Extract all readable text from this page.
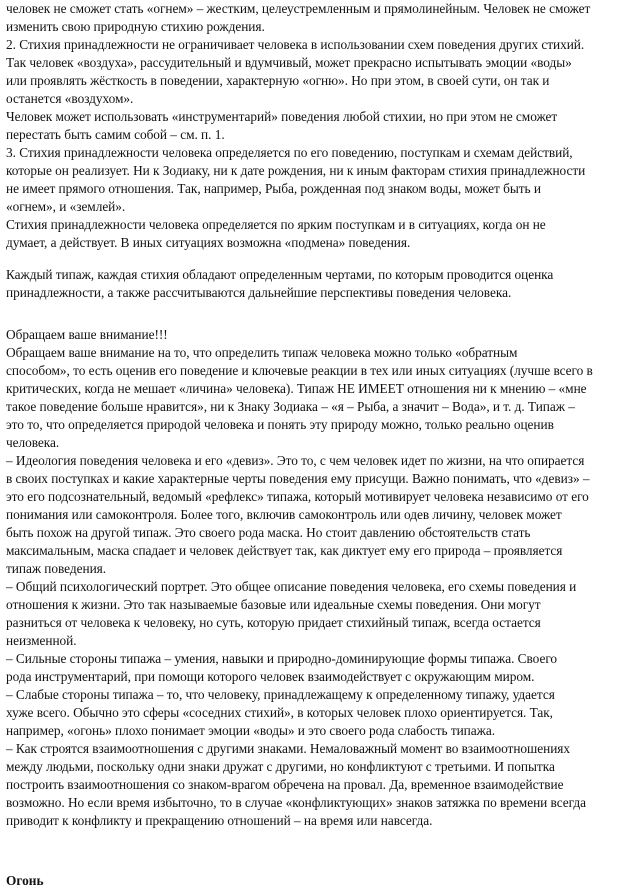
человек не сможет стать «огнем» – жестким, целеустремленным и прямолинейным. Человек не сможет
изменить свою природную стихию рождения.
2. Стихия принадлежности не ограничивает человека в использовании схем поведения других стихий.
Так человек «воздуха», рассудительный и вдумчивый, может прекрасно испытывать эмоции «воды»
или проявлять жёсткость в поведении, характерную «огню». Но при этом, в своей сути, он так и
останется «воздухом».
Человек может использовать «инструментарий» поведения любой стихии, но при этом не сможет
перестать быть самим собой – см. п. 1.
3. Стихия принадлежности человека определяется по его поведению, поступкам и схемам действий,
которые он реализует. Ни к Зодиаку, ни к дате рождения, ни к иным факторам стихия принадлежности
не имеет прямого отношения. Так, например, Рыба, рожденная под знаком воды, может быть и
«огнем», и «землей».
Стихия принадлежности человека определяется по ярким поступкам и в ситуациях, когда он не
думает, а действует. В иных ситуациях возможна «подмена» поведения.
Каждый типаж, каждая стихия обладают определенным чертами, по которым проводится оценка
принадлежности, а также рассчитываются дальнейшие перспективы поведения человека.
Обращаем ваше внимание!!!
Обращаем ваше внимание на то, что определить типаж человека можно только «обратным
способом», то есть оценив его поведение и ключевые реакции в тех или иных ситуациях (лучше всего в
критических, когда не мешает «личина» человека). Типаж НЕ ИМЕЕТ отношения ни к мнению – «мне
такое поведение больше нравится», ни к Знаку Зодиака – «я – Рыба, а значит – Вода», и т. д. Типаж –
это то, что определяется природой человека и понять эту природу можно, только реально оценив
человека.
– Идеология поведения человека и его «девиз». Это то, с чем человек идет по жизни, на что опирается
в своих поступках и какие характерные черты поведения ему присущи. Важно понимать, что «девиз» –
это его подсознательный, ведомый «рефлекс» типажа, который мотивирует человека независимо от его
понимания или самоконтроля. Более того, включив самоконтроль или одев личину, человек может
быть похож на другой типаж. Это своего рода маска. Но стоит давлению обстоятельств стать
максимальным, маска спадает и человек действует так, как диктует ему его природа – проявляется
типаж поведения.
– Общий психологический портрет. Это общее описание поведения человека, его схемы поведения и
отношения к жизни. Это так называемые базовые или идеальные схемы поведения. Они могут
разниться от человека к человеку, но суть, которую придает стихийный типаж, всегда остается
неизменной.
– Сильные стороны типажа – умения, навыки и природно-доминирующие формы типажа. Своего
рода инструментарий, при помощи которого человек взаимодействует с окружающим миром.
– Слабые стороны типажа – то, что человеку, принадлежащему к определенному типажу, удается
хуже всего. Обычно это сферы «соседних стихий», в которых человек плохо ориентируется. Так,
например, «огонь» плохо понимает эмоции «воды» и это своего рода слабость типажа.
– Как строятся взаимоотношения с другими знаками. Немаловажный момент во взаимоотношениях
между людьми, поскольку одни знаки дружат с другими, но конфликтуют с третьими. И попытка
построить взаимоотношения со знаком-врагом обречена на провал. Да, временное взаимодействие
возможно. Но если время избыточно, то в случае «конфликтующих» знаков затяжка по времени всегда
приводит к конфликту и прекращению отношений – на время или навсегда.
Огонь
